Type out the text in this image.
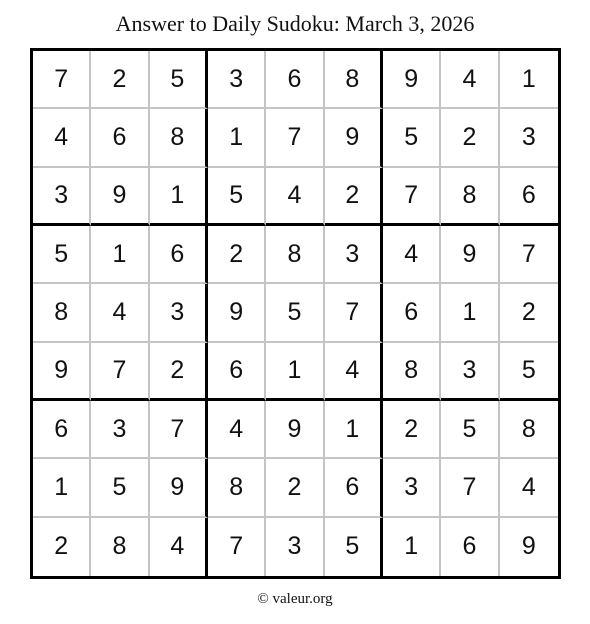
Answer to Daily Sudoku: March 3, 2026
7	2	5	3	6	8	9	4	1
4	6	8	1	7	9	5	2	3
3	9	1	5	4	2	7	8	6
5	1	6	2	8	3	4	9	7
8	4	3	9	5	7	6	1	2
9	7	2	6	1	4	8	3	5
6	3	7	4	9	1	2	5	8
1	5	9	8	2	6	3	7	4
2	8	4	7	3	5	1	6	9
© valeur.org
